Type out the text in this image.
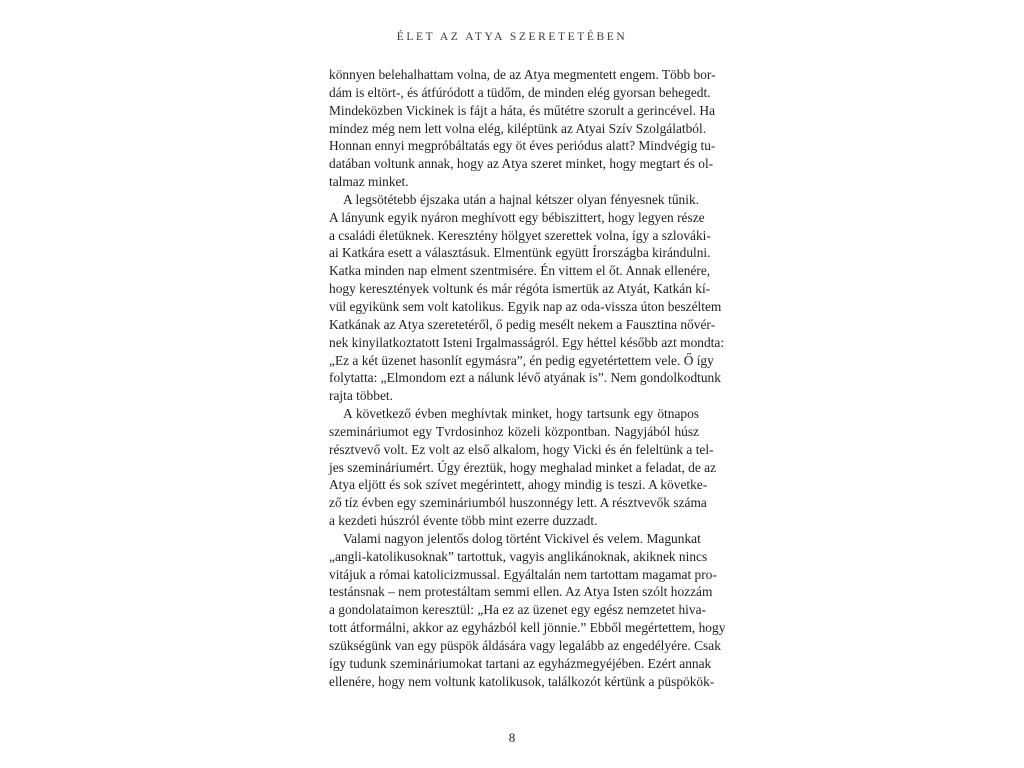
ÉLET AZ ATYA SZERETETÉBEN
könnyen belehalhattam volna, de az Atya megmentett engem. Több bor-
dám is eltört-, és átfúródott a tüdőm, de minden elég gyorsan behegedt.
Mindeközben Vickinek is fájt a háta, és műtétre szorult a gerincével. Ha
mindez még nem lett volna elég, kiléptünk az Atyai Szív Szolgálatból.
Honnan ennyi megpróbáltatás egy öt éves periódus alatt? Mindvégig tu-
datában voltunk annak, hogy az Atya szeret minket, hogy megtart és ol-
talmaz minket.
A legsötétebb éjszaka után a hajnal kétszer olyan fényesnek tűnik.
A lányunk egyik nyáron meghívott egy bébiszittert, hogy legyen része
a családi életüknek. Keresztény hölgyet szerettek volna, így a szlováki-
ai Katkára esett a választásuk. Elmentünk együtt Írországba kirándulni.
Katka minden nap elment szentmisére. Én vittem el őt. Annak ellenére,
hogy keresztények voltunk és már régóta ismertük az Atyát, Katkán kí-
vül egyikünk sem volt katolikus. Egyik nap az oda-vissza úton beszéltem
Katkának az Atya szeretetéről, ő pedig mesélt nekem a Fausztina nővér-
nek kinyilatkoztatott Isteni Irgalmasságról. Egy héttel később azt mondta:
„Ez a két üzenet hasonlít egymásra”, én pedig egyetértettem vele. Ő így
folytatta: „Elmondom ezt a nálunk lévő atyának is”. Nem gondolkodtunk
rajta többet.
A következő évben meghívtak minket, hogy tartsunk egy ötnapos
szemináriumot egy Tvrdosinhoz közeli központban. Nagyjából húsz
résztvevő volt. Ez volt az első alkalom, hogy Vicki és én feleltünk a tel-
jes szemináriumért. Úgy éreztük, hogy meghalad minket a feladat, de az
Atya eljött és sok szívet megérintett, ahogy mindig is teszi. A követke-
ző tíz évben egy szemináriumból huszonnégy lett. A résztvevők száma
a kezdeti húszról évente több mint ezerre duzzadt.
Valami nagyon jelentős dolog történt Vickivel és velem. Magunkat
„angli-katolikusoknak” tartottuk, vagyis anglikánoknak, akiknek nincs
vitájuk a római katolicizmussal. Egyáltalán nem tartottam magamat pro-
testánsnak – nem protestáltam semmi ellen. Az Atya Isten szólt hozzám
a gondolataimon keresztül: „Ha ez az üzenet egy egész nemzetet hiva-
tott átformálni, akkor az egyházból kell jönnie.” Ebből megértettem, hogy
szükségünk van egy püspök áldására vagy legalább az engedélyére. Csak
így tudunk szemináriumokat tartani az egyházmegyéjében. Ezért annak
ellenére, hogy nem voltunk katolikusok, találkozót kértünk a püspökök-
8
